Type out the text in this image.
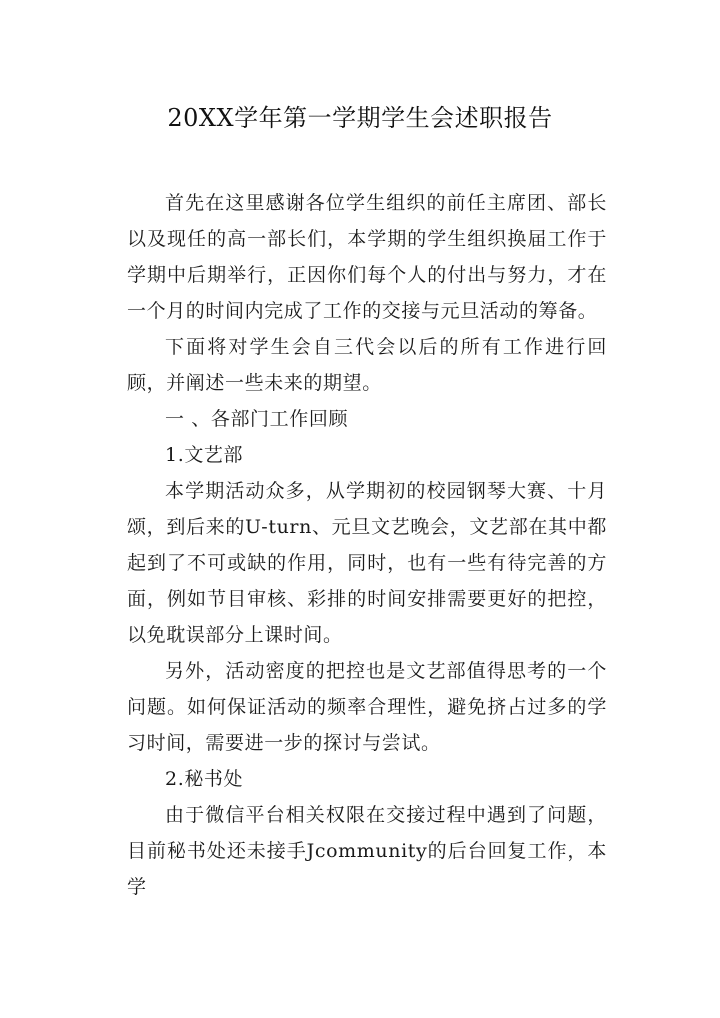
20XX学年第一学期学生会述职报告

首先在这里感谢各位学生组织的前任主席团、部长以及现任的高一部长们，本学期的学生组织换届工作于学期中后期举行，正因你们每个人的付出与努力，才在一个月的时间内完成了工作的交接与元旦活动的筹备。

下面将对学生会自三代会以后的所有工作进行回顾，并阐述一些未来的期望。

一 、各部门工作回顾

1.文艺部

本学期活动众多，从学期初的校园钢琴大赛、十月颂，到后来的U-turn、元旦文艺晚会，文艺部在其中都起到了不可或缺的作用，同时，也有一些有待完善的方面，例如节目审核、彩排的时间安排需要更好的把控，以免耽误部分上课时间。

另外，活动密度的把控也是文艺部值得思考的一个问题。如何保证活动的频率合理性，避免挤占过多的学习时间，需要进一步的探讨与尝试。

2.秘书处

由于微信平台相关权限在交接过程中遇到了问题，目前秘书处还未接手Jcommunity的后台回复工作，本学
